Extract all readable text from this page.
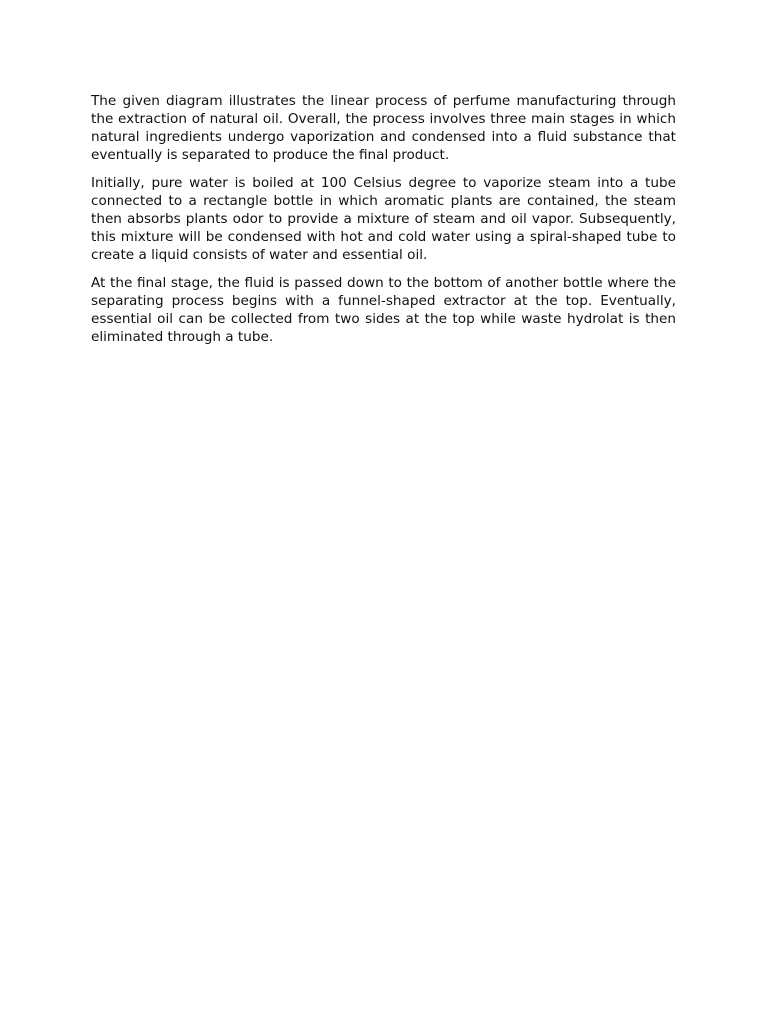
The given diagram illustrates the linear process of perfume manufacturing through the extraction of natural oil. Overall, the process involves three main stages in which natural ingredients undergo vaporization and condensed into a fluid substance that eventually is separated to produce the final product.

Initially, pure water is boiled at 100 Celsius degree to vaporize steam into a tube connected to a rectangle bottle in which aromatic plants are contained, the steam then absorbs plants odor to provide a mixture of steam and oil vapor. Subsequently, this mixture will be condensed with hot and cold water using a spiral-shaped tube to create a liquid consists of water and essential oil.

At the final stage, the fluid is passed down to the bottom of another bottle where the separating process begins with a funnel-shaped extractor at the top. Eventually, essential oil can be collected from two sides at the top while waste hydrolat is then eliminated through a tube.
